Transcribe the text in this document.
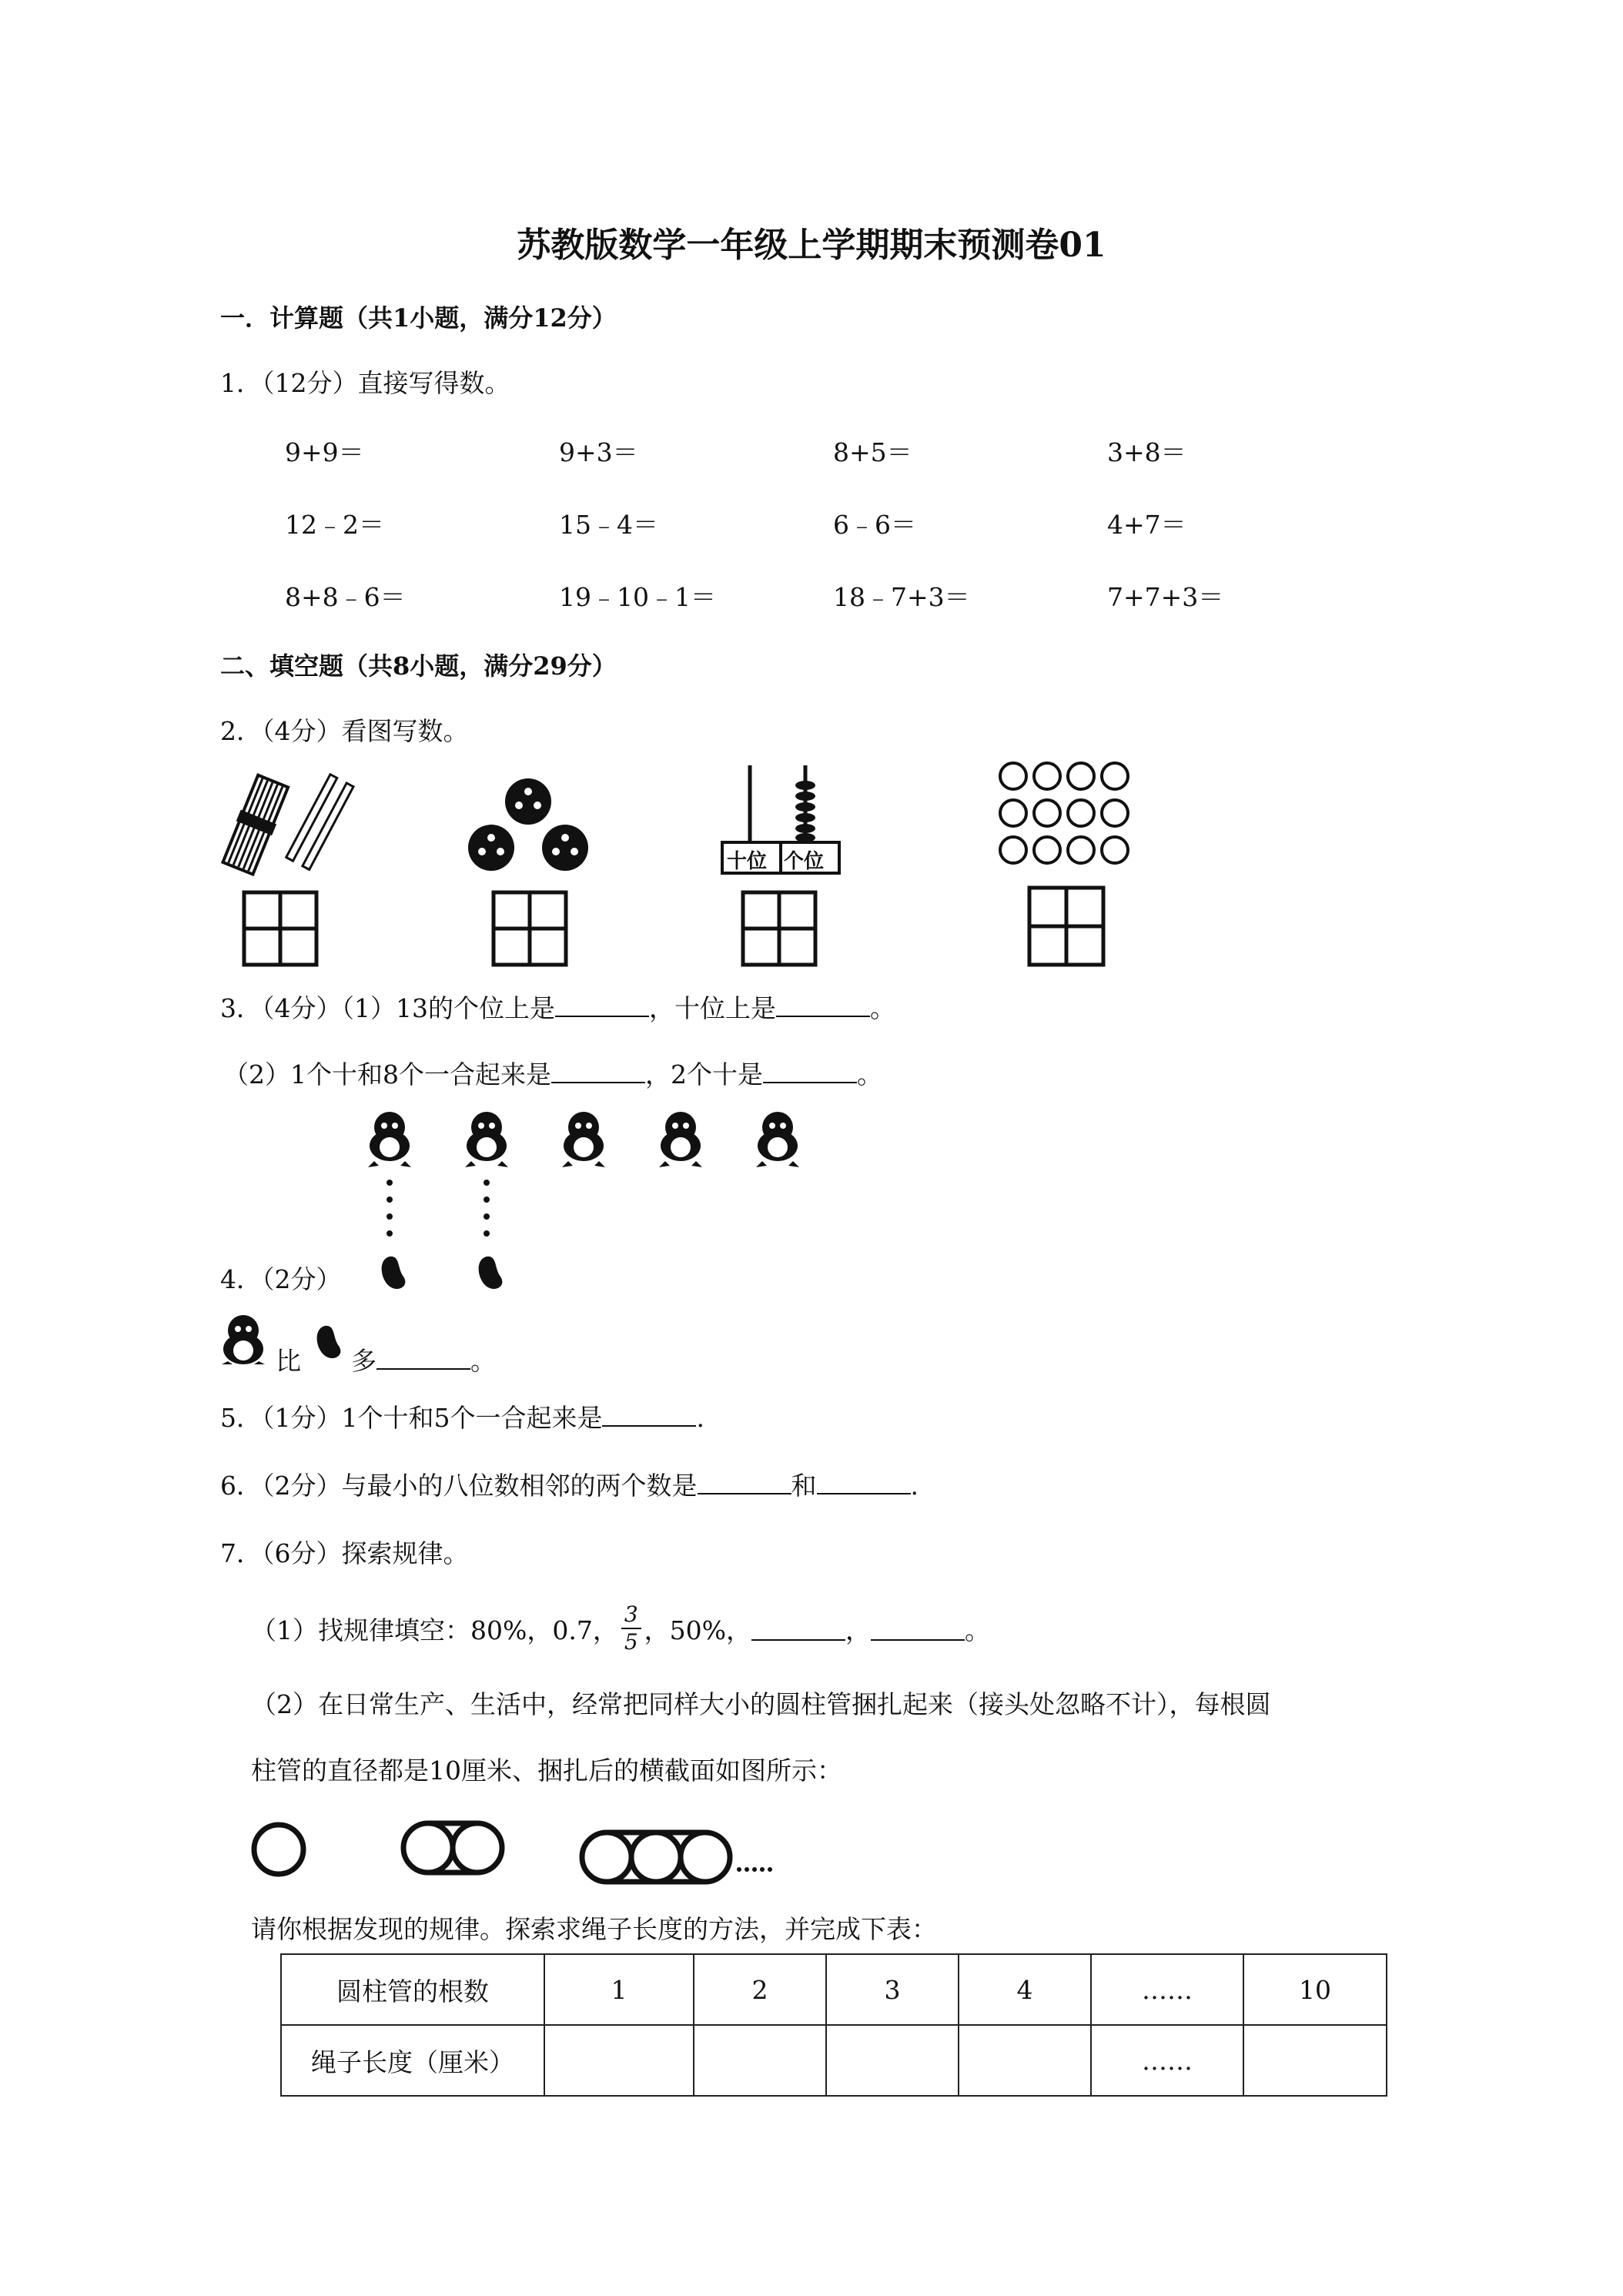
苏教版数学一年级上学期期末预测卷01
一．计算题（共1小题，满分12分）
1．（12分）直接写得数。
9+9＝	9+3＝	8+5＝	3+8＝
12﹣2＝	15﹣4＝	6﹣6＝	4+7＝
8+8﹣6＝	19﹣10﹣1＝	18﹣7+3＝	7+7+3＝
二、填空题（共8小题，满分29分）
2．（4分）看图写数。
十位 个位
3．（4分）（1）13的个位上是	，十位上是	。
（2）1个十和8个一合起来是	，2个十是	。
4．（2分）
比 多	。
5．（1分）1个十和5个一合起来是	.
6．（2分）与最小的八位数相邻的两个数是	和	.
7．（6分）探索规律。
（1）找规律填空：80%，0.7， $\frac{3}{5}$ ，50%，	，	。
（2）在日常生产、生活中，经常把同样大小的圆柱管捆扎起来（接头处忽略不计），每根圆
柱管的直径都是10厘米、捆扎后的横截面如图所示：
请你根据发现的规律。探索求绳子长度的方法，并完成下表：
圆柱管的根数	1	2	3	4	……	10
绳子长度（厘米）					……	
